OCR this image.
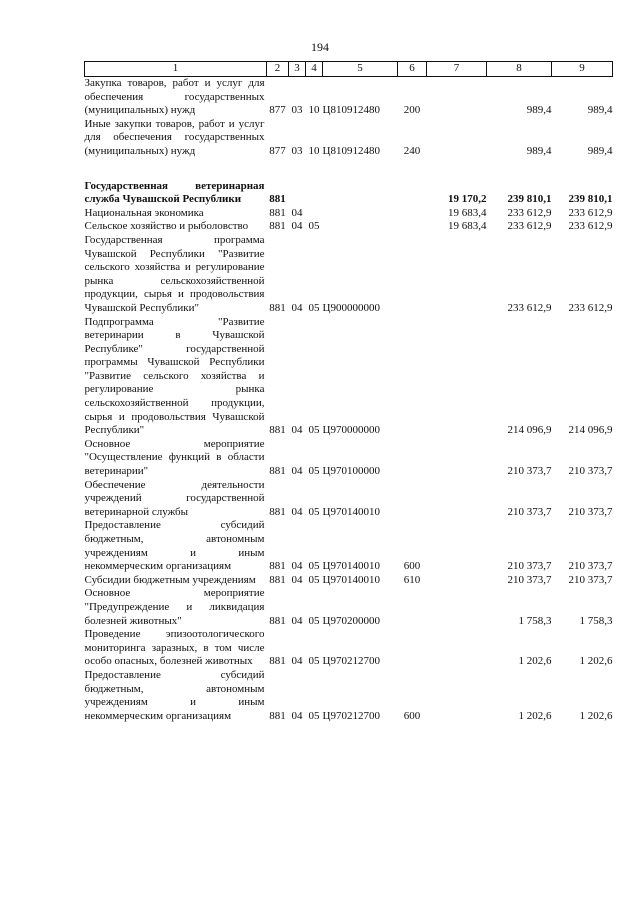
194
1	2	3	4	5	6	7	8	9
Закупка товаров, работ и услуг для обеспечения государственных (муниципальных) нужд	877	03	10	Ц810912480	200		989,4	989,4
Иные закупки товаров, работ и услуг для обеспечения государственных (муниципальных) нужд	877	03	10	Ц810912480	240		989,4	989,4

Государственная ветеринарная служба Чувашской Республики	881					19 170,2	239 810,1	239 810,1
Национальная экономика	881	04				19 683,4	233 612,9	233 612,9
Сельское хозяйство и рыболовство	881	04	05			19 683,4	233 612,9	233 612,9
Государственная программа Чувашской Республики "Развитие сельского хозяйства и регулирование рынка сельскохозяйственной продукции, сырья и продовольствия Чувашской Республики"	881	04	05	Ц900000000			233 612,9	233 612,9
Подпрограмма "Развитие ветеринарии в Чувашской Республике" государственной программы Чувашской Республики "Развитие сельского хозяйства и регулирование рынка сельскохозяйственной продукции, сырья и продовольствия Чувашской Республики"	881	04	05	Ц970000000			214 096,9	214 096,9
Основное мероприятие "Осуществление функций в области ветеринарии"	881	04	05	Ц970100000			210 373,7	210 373,7
Обеспечение деятельности учреждений государственной ветеринарной службы	881	04	05	Ц970140010			210 373,7	210 373,7
Предоставление субсидий бюджетным, автономным учреждениям и иным некоммерческим организациям	881	04	05	Ц970140010	600		210 373,7	210 373,7
Субсидии бюджетным учреждениям	881	04	05	Ц970140010	610		210 373,7	210 373,7
Основное мероприятие "Предупреждение и ликвидация болезней животных"	881	04	05	Ц970200000			1 758,3	1 758,3
Проведение эпизоотологического мониторинга заразных, в том числе особо опасных, болезней животных	881	04	05	Ц970212700			1 202,6	1 202,6
Предоставление субсидий бюджетным, автономным учреждениям и иным некоммерческим организациям	881	04	05	Ц970212700	600		1 202,6	1 202,6
